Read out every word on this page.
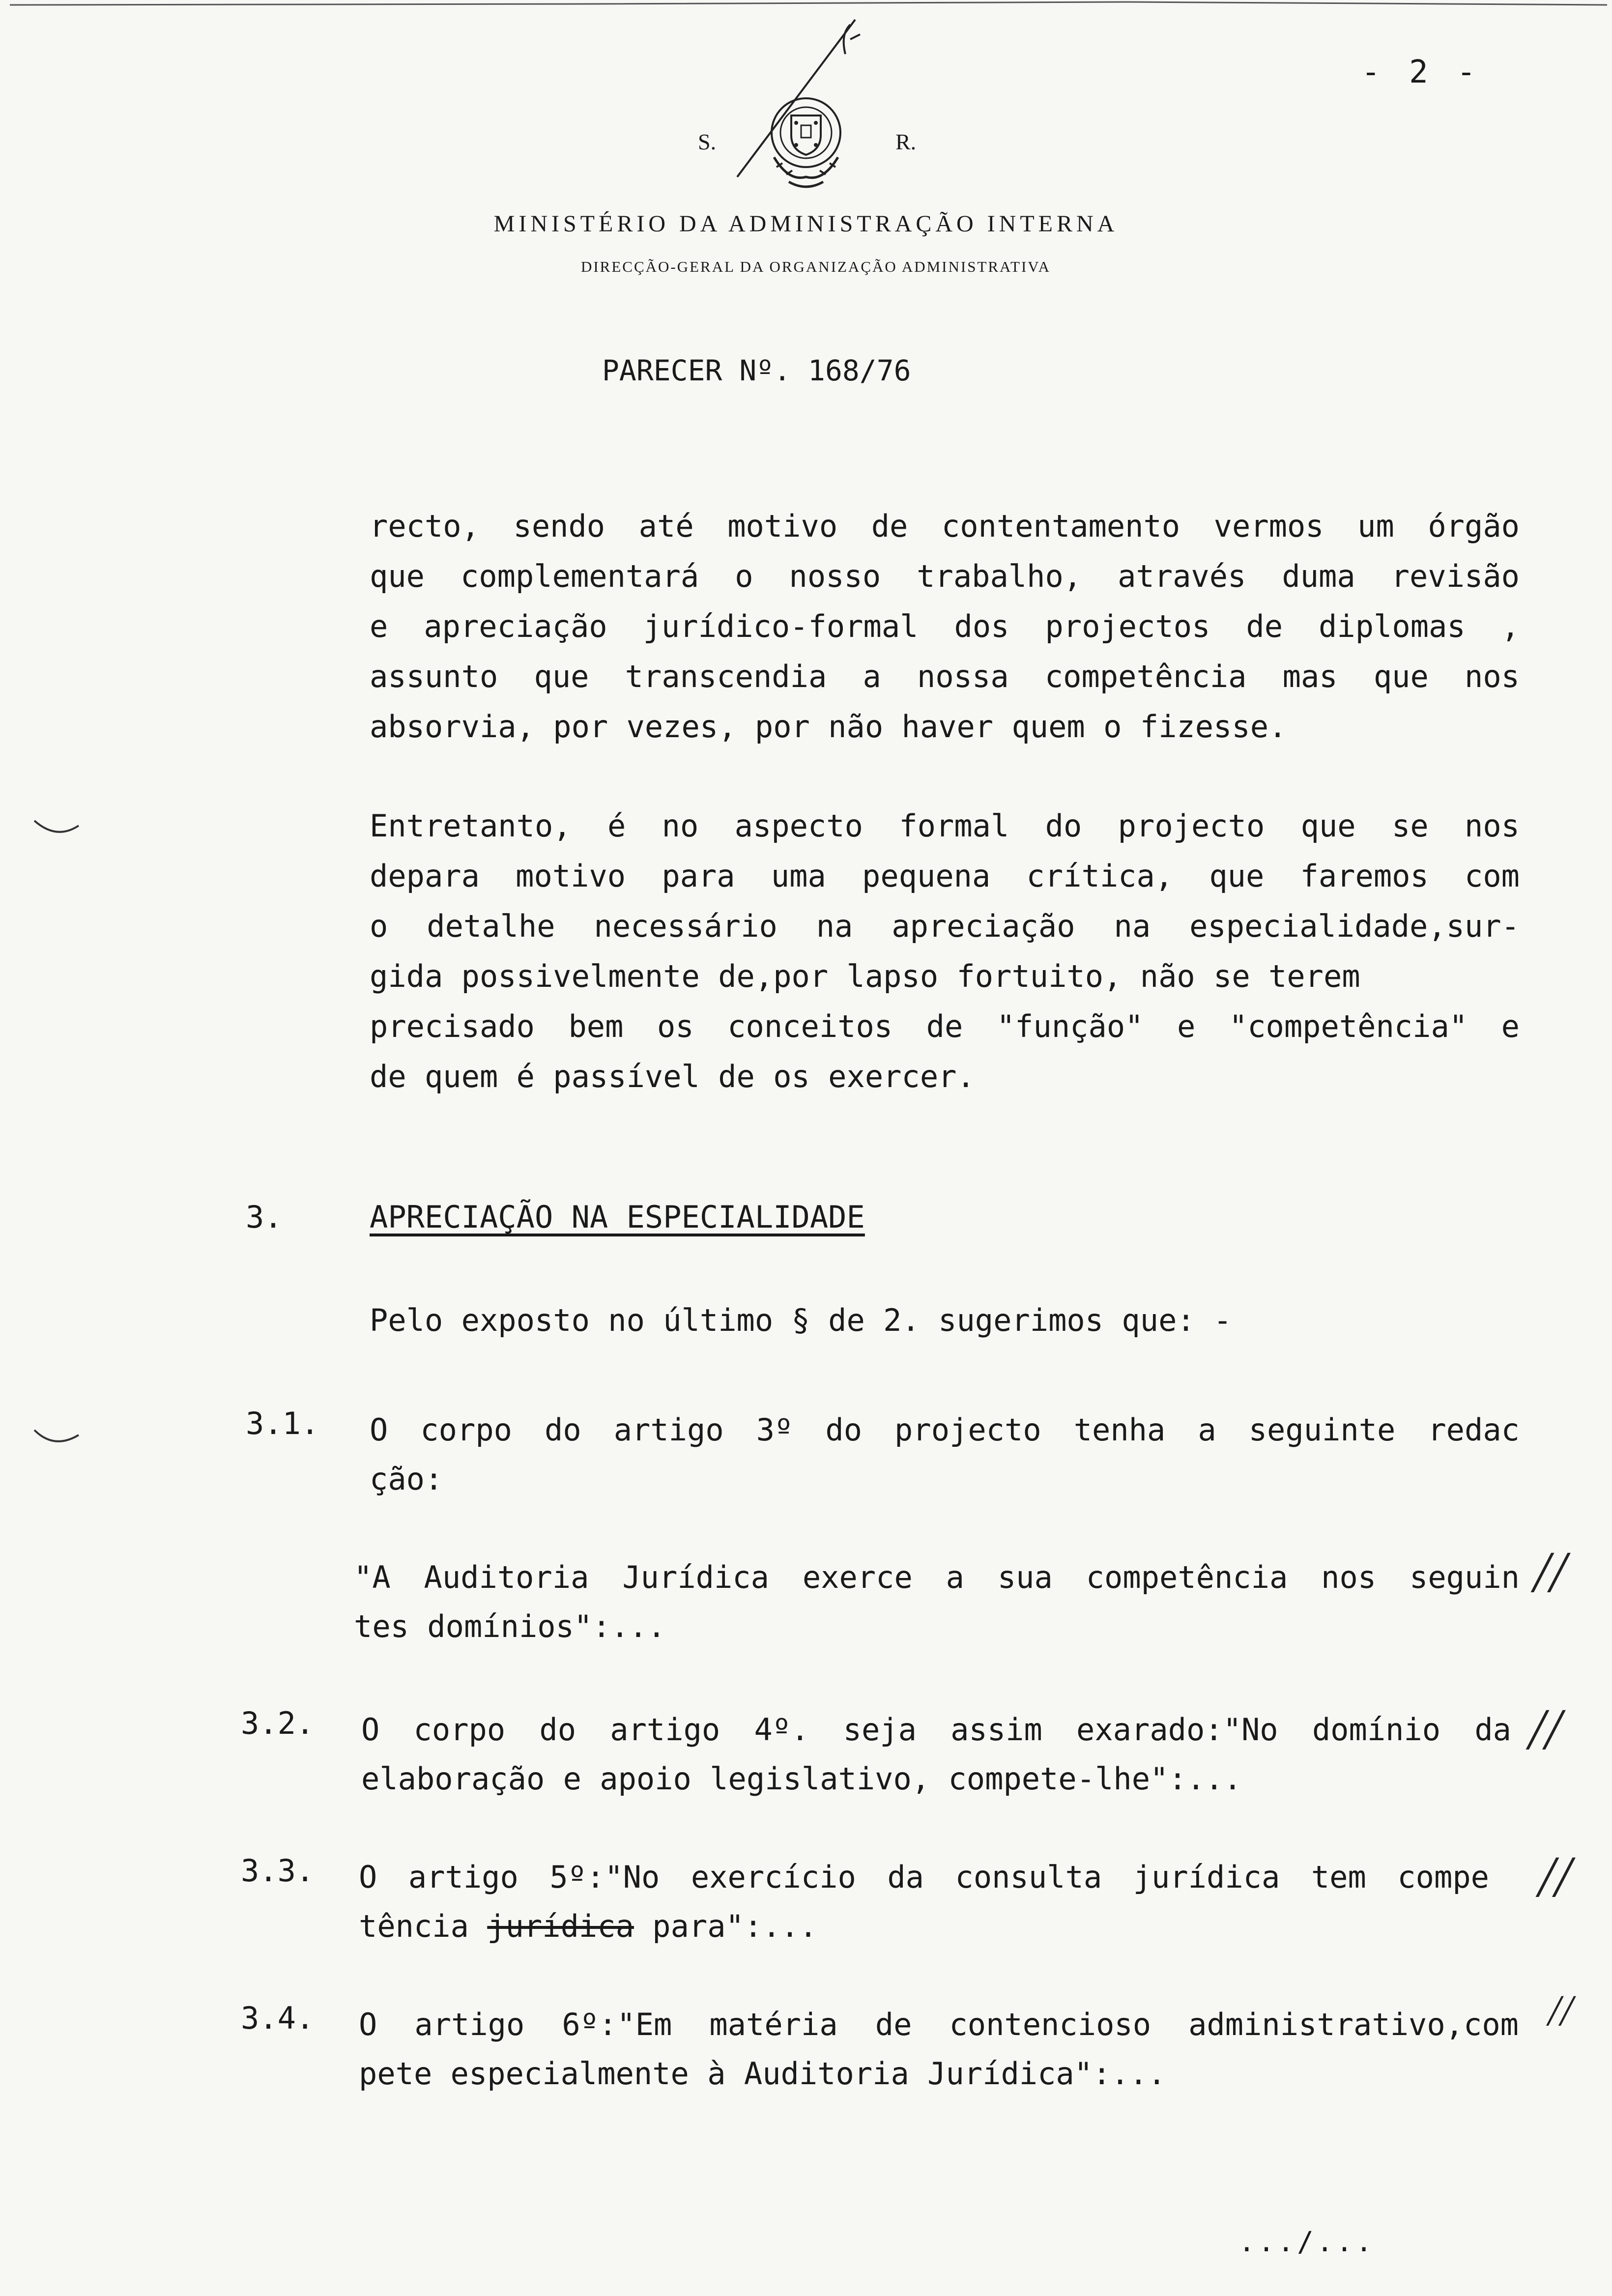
- 2 -
S.	R.
MINISTÉRIO DA ADMINISTRAÇÃO INTERNA
DIRECÇÃO-GERAL DA ORGANIZAÇÃO ADMINISTRATIVA
PARECER Nº. 168/76
recto, sendo até motivo de contentamento vermos um órgão
que complementará o nosso trabalho, através duma revisão
e apreciação jurídico-formal dos projectos de diplomas ,
assunto que transcendia a nossa competência mas que nos
absorvia, por vezes, por não haver quem o fizesse.
Entretanto, é no aspecto formal do projecto que se nos
depara motivo para uma pequena crítica, que faremos com
o detalhe necessário na apreciação na especialidade,sur-
gida possivelmente de,por lapso fortuito, não se terem
precisado bem os conceitos de "função" e "competência" e
de quem é passível de os exercer.
3.	APRECIAÇÃO NA ESPECIALIDADE
Pelo exposto no último § de 2. sugerimos que: -
3.1. O corpo do artigo 3º do projecto tenha a seguinte redac
ção:
"A Auditoria Jurídica exerce a sua competência nos seguin
tes domínios":...
3.2. O corpo do artigo 4º. seja assim exarado:"No domínio da
elaboração e apoio legislativo, compete-lhe":...
3.3. O artigo 5º:"No exercício da consulta jurídica tem compe
tência jurídica para":...
3.4. O artigo 6º:"Em matéria de contencioso administrativo,com
pete especialmente à Auditoria Jurídica":...
//
//
//
//
.../...
